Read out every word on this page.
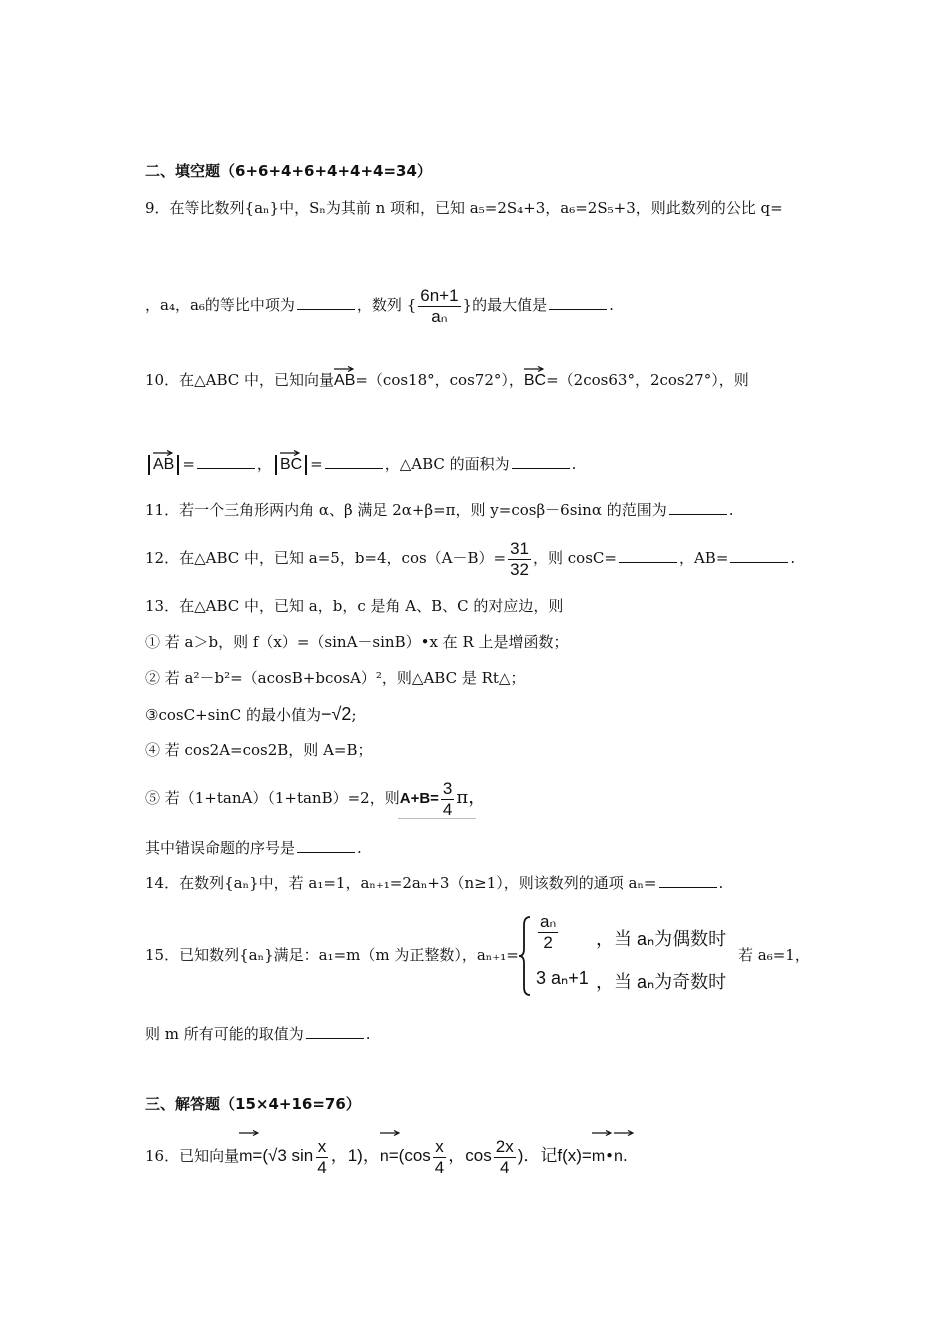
二、填空题（6+6+4+6+4+4+4=34）
9．在等比数列{aₙ}中，Sₙ为其前 n 项和，已知 a₅=2S₄+3，a₆=2S₅+3，则此数列的公比 q=
，a₄，a₆的等比中项为	，数列 { $\frac{6n+1}{\text{aₙ}}$ }的最大值是	.
10．在△ABC 中，已知向量
AB=（cos18°，cos72°），
BC=（2cos63°，2cos27°），则
AB =	， BC =	，△ABC 的面积为	.
11．若一个三角形两内角 α、β 满足 2α+β=π，则 y=cosβ－6sinα 的范围为	.
12．在△ABC 中，已知 a=5，b=4，$\cos(A-B)= \frac{31}{32}$ ，则 cosC=	，AB=	.
13．在△ABC 中，已知 a，b，c 是角 A、B、C 的对应边，则
① 若 a＞b，则 f（x）=（sinA－sinB）•x 在 R 上是增函数；
② 若 a²－b²=（acosB+bcosA）²，则△ABC 是 Rt△；
③cosC+sinC 的最小值为−√2;
④ 若 cos2A=cos2B，则 A=B；
⑤ 若（1+tanA）（1+tanB）=2，则$A+B= \frac{3}{4}$ π，
其中错误命题的序号是	.
14．在数列{aₙ}中，若 a₁=1，aₙ₊₁=2aₙ+3（n≥1），则该数列的通项 aₙ=	.
15．已知数列{aₙ}满足：a₁=m（m 为正整数），aₙ₊₁=
$\frac{\text{aₙ}}{2}$ ，当 aₙ为偶数时
3 aₙ+1 ，当 aₙ为奇数时
若 a₆=1，
则 m 所有可能的取值为	.
三、解答题（15×4+16=76）
16．已知向量
m=(√3 $\sin \frac{x}{4}$ ，1)，
$n=(\cos \frac{x}{4}$ ，$\cos \frac{2x}{4}$ )．记f(x)=
m•
n.
